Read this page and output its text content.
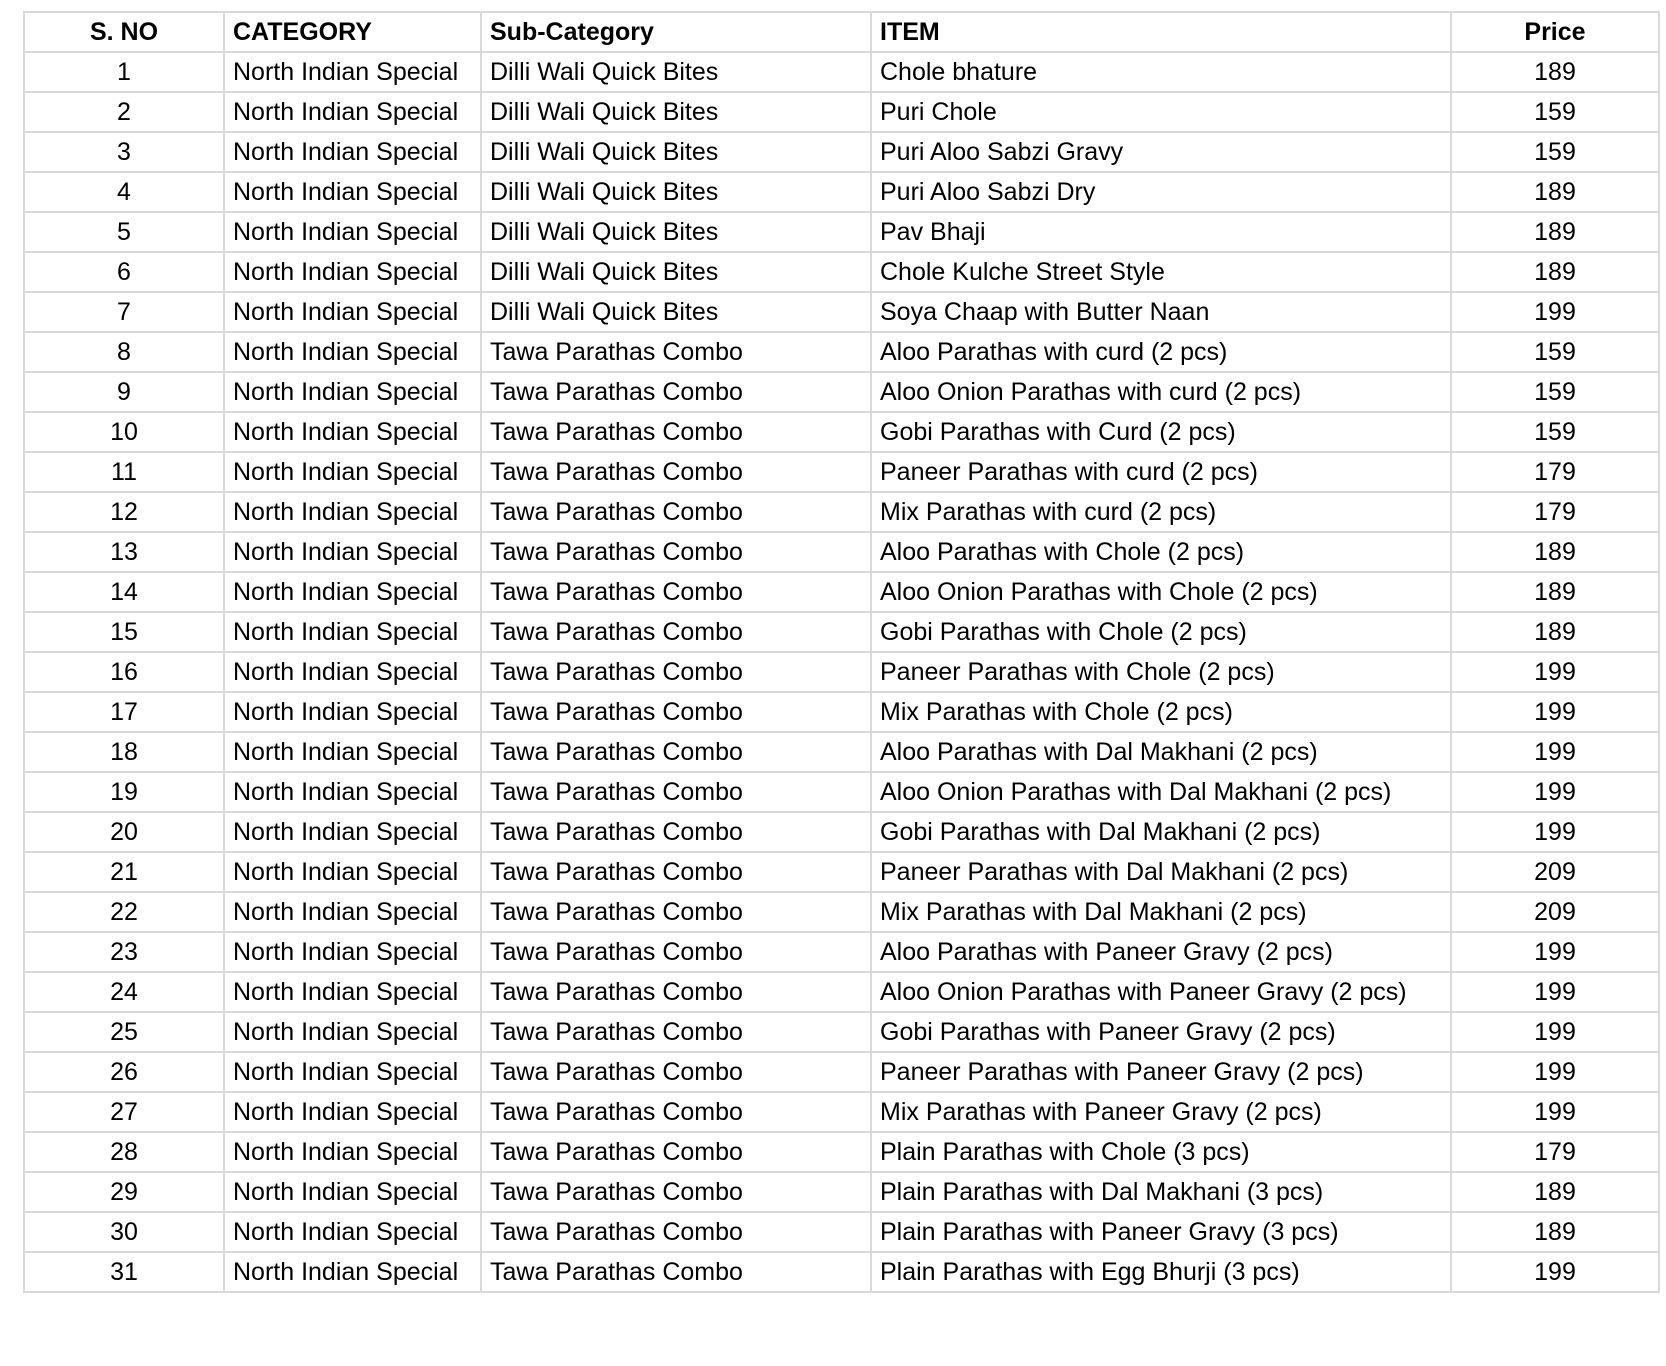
S. NO	CATEGORY	Sub-Category	ITEM	Price
1	North Indian Special	Dilli Wali Quick Bites	Chole bhature	189
2	North Indian Special	Dilli Wali Quick Bites	Puri Chole	159
3	North Indian Special	Dilli Wali Quick Bites	Puri Aloo Sabzi Gravy	159
4	North Indian Special	Dilli Wali Quick Bites	Puri Aloo Sabzi Dry	189
5	North Indian Special	Dilli Wali Quick Bites	Pav Bhaji	189
6	North Indian Special	Dilli Wali Quick Bites	Chole Kulche Street Style	189
7	North Indian Special	Dilli Wali Quick Bites	Soya Chaap with Butter Naan	199
8	North Indian Special	Tawa Parathas Combo	Aloo Parathas with curd (2 pcs)	159
9	North Indian Special	Tawa Parathas Combo	Aloo Onion Parathas with curd (2 pcs)	159
10	North Indian Special	Tawa Parathas Combo	Gobi Parathas with Curd (2 pcs)	159
11	North Indian Special	Tawa Parathas Combo	Paneer Parathas with curd (2 pcs)	179
12	North Indian Special	Tawa Parathas Combo	Mix Parathas with curd (2 pcs)	179
13	North Indian Special	Tawa Parathas Combo	Aloo Parathas with Chole (2 pcs)	189
14	North Indian Special	Tawa Parathas Combo	Aloo Onion Parathas with Chole (2 pcs)	189
15	North Indian Special	Tawa Parathas Combo	Gobi Parathas with Chole (2 pcs)	189
16	North Indian Special	Tawa Parathas Combo	Paneer Parathas with Chole (2 pcs)	199
17	North Indian Special	Tawa Parathas Combo	Mix Parathas with Chole (2 pcs)	199
18	North Indian Special	Tawa Parathas Combo	Aloo Parathas with Dal Makhani (2 pcs)	199
19	North Indian Special	Tawa Parathas Combo	Aloo Onion Parathas with Dal Makhani (2 pcs)	199
20	North Indian Special	Tawa Parathas Combo	Gobi Parathas with Dal Makhani (2 pcs)	199
21	North Indian Special	Tawa Parathas Combo	Paneer Parathas with Dal Makhani (2 pcs)	209
22	North Indian Special	Tawa Parathas Combo	Mix Parathas with Dal Makhani (2 pcs)	209
23	North Indian Special	Tawa Parathas Combo	Aloo Parathas with Paneer Gravy (2 pcs)	199
24	North Indian Special	Tawa Parathas Combo	Aloo Onion Parathas with Paneer Gravy (2 pcs)	199
25	North Indian Special	Tawa Parathas Combo	Gobi Parathas with Paneer Gravy (2 pcs)	199
26	North Indian Special	Tawa Parathas Combo	Paneer Parathas with Paneer Gravy (2 pcs)	199
27	North Indian Special	Tawa Parathas Combo	Mix Parathas with Paneer Gravy (2 pcs)	199
28	North Indian Special	Tawa Parathas Combo	Plain Parathas with Chole (3 pcs)	179
29	North Indian Special	Tawa Parathas Combo	Plain Parathas with Dal Makhani (3 pcs)	189
30	North Indian Special	Tawa Parathas Combo	Plain Parathas with Paneer Gravy (3 pcs)	189
31	North Indian Special	Tawa Parathas Combo	Plain Parathas with Egg Bhurji (3 pcs)	199
